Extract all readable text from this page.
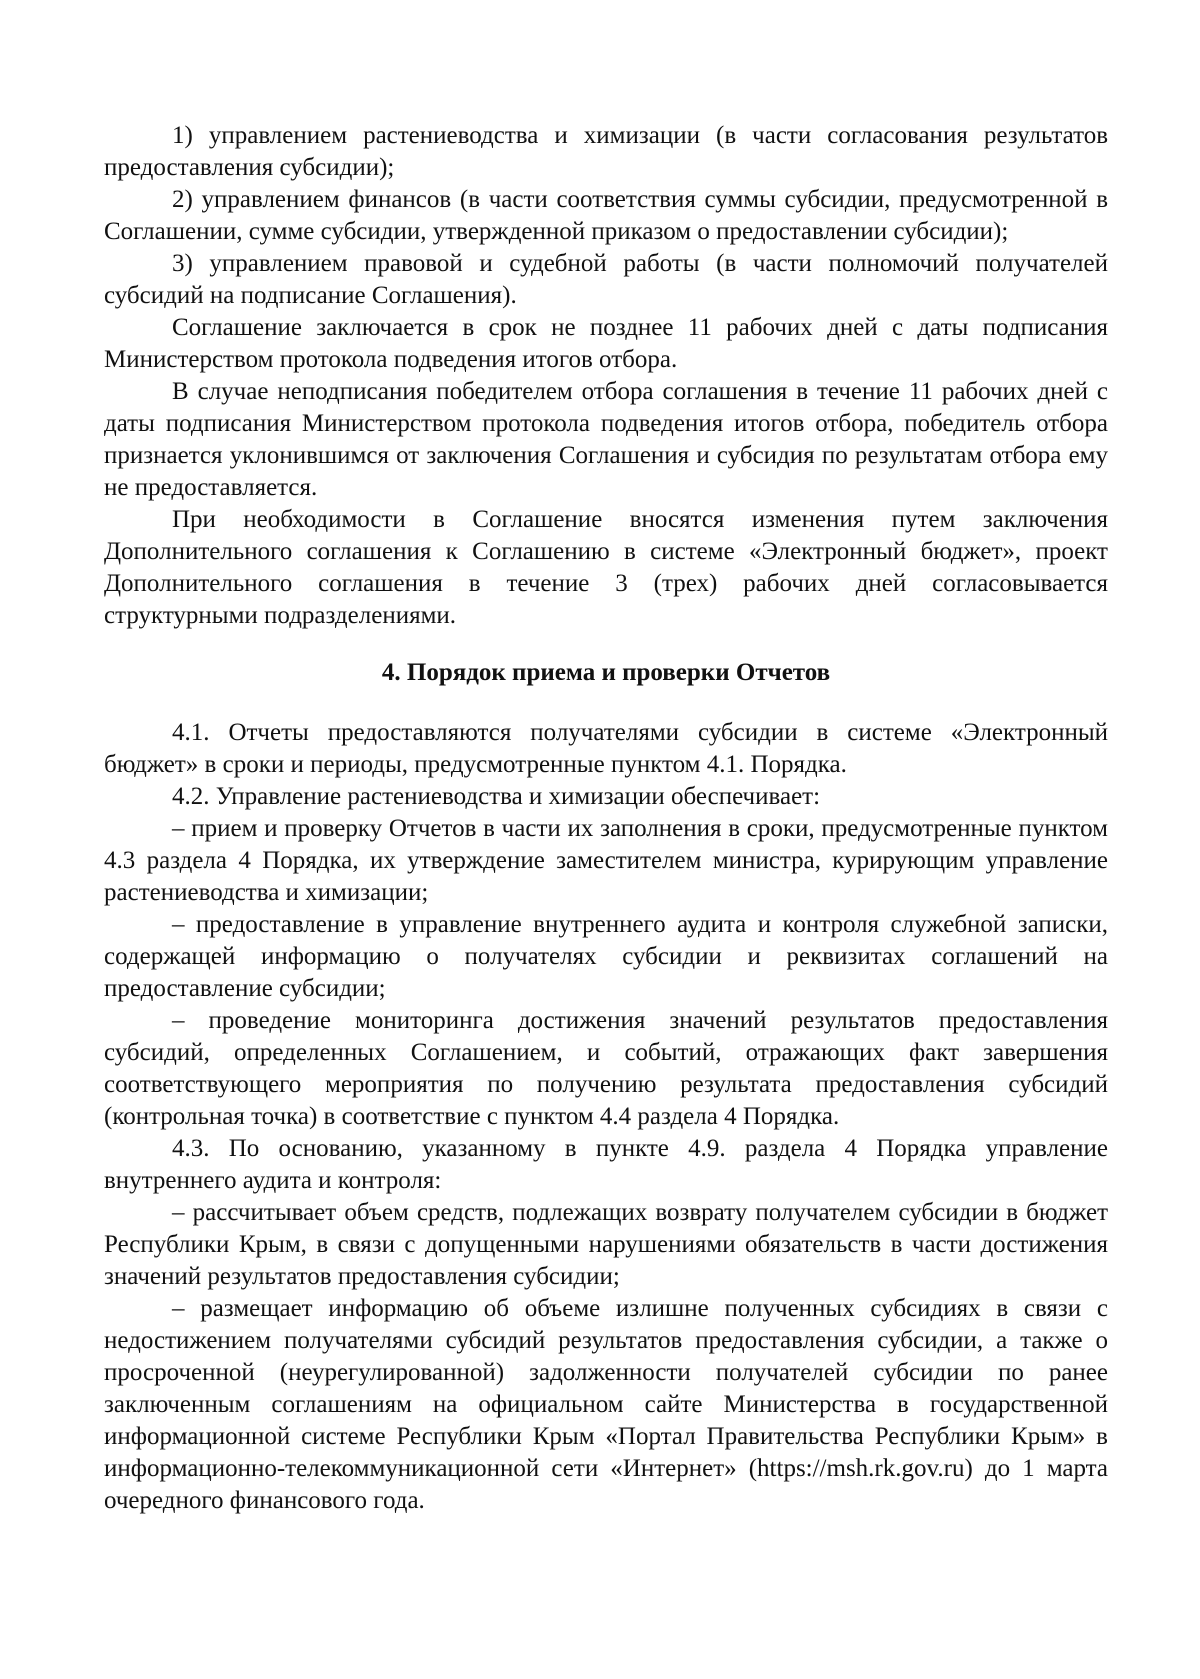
1) управлением растениеводства и химизации (в части согласования результатов предоставления субсидии);

2) управлением финансов (в части соответствия суммы субсидии, предусмотренной в Соглашении, сумме субсидии, утвержденной приказом о предоставлении субсидии);

3) управлением правовой и судебной работы (в части полномочий получателей субсидий на подписание Соглашения).

Соглашение заключается в срок не позднее 11 рабочих дней с даты подписания Министерством протокола подведения итогов отбора.

В случае неподписания победителем отбора соглашения в течение 11 рабочих дней с даты подписания Министерством протокола подведения итогов отбора, победитель отбора признается уклонившимся от заключения Соглашения и субсидия по результатам отбора ему не предоставляется.

При необходимости в Соглашение вносятся изменения путем заключения Дополнительного соглашения к Соглашению в системе «Электронный бюджет», проект Дополнительного соглашения в течение 3 (трех) рабочих дней согласовывается структурными подразделениями.

4. Порядок приема и проверки Отчетов

4.1. Отчеты предоставляются получателями субсидии в системе «Электронный бюджет» в сроки и периоды, предусмотренные пунктом 4.1. Порядка.

4.2. Управление растениеводства и химизации обеспечивает:

– прием и проверку Отчетов в части их заполнения в сроки, предусмотренные пунктом 4.3 раздела 4 Порядка, их утверждение заместителем министра, курирующим управление растениеводства и химизации;

– предоставление в управление внутреннего аудита и контроля служебной записки, содержащей информацию о получателях субсидии и реквизитах соглашений на предоставление субсидии;

– проведение мониторинга достижения значений результатов предоставления субсидий, определенных Соглашением, и событий, отражающих факт завершения соответствующего мероприятия по получению результата предоставления субсидий (контрольная точка) в соответствие с пунктом 4.4 раздела 4 Порядка.

4.3. По основанию, указанному в пункте 4.9. раздела 4 Порядка управление внутреннего аудита и контроля:

– рассчитывает объем средств, подлежащих возврату получателем субсидии в бюджет Республики Крым, в связи с допущенными нарушениями обязательств в части достижения значений результатов предоставления субсидии;

– размещает информацию об объеме излишне полученных субсидиях в связи с недостижением получателями субсидий результатов предоставления субсидии, а также о просроченной (неурегулированной) задолженности получателей субсидии по ранее заключенным соглашениям на официальном сайте Министерства в государственной информационной системе Республики Крым «Портал Правительства Республики Крым» в информационно-телекоммуникационной сети «Интернет» (https://msh.rk.gov.ru) до 1 марта очередного финансового года.
